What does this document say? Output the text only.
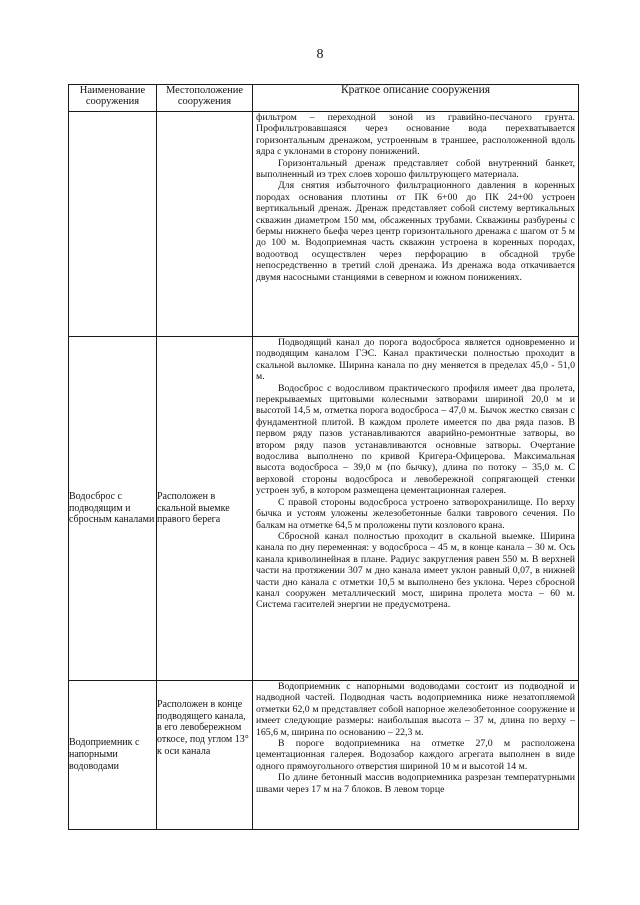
8
Наименование сооружения	Местоположение сооружения	Краткое описание сооружения

		фильтром – переходной зоной из гравийно-песчаного грунта. Профильтровавшаяся через основание вода перехватывается горизонтальным дренажом, устроенным в траншее, расположенной вдоль ядра с уклонами в сторону понижений.

Горизонтальный дренаж представляет собой внутренний банкет, выполненный из трех слоев хорошо фильтрующего материала.

Для снятия избыточного фильтрационного давления в коренных породах основания плотины от ПК 6+00 до ПК 24+00 устроен вертикальный дренаж. Дренаж представляет собой систему вертикальных скважин диаметром 150 мм, обсаженных трубами. Скважины разбурены с бермы нижнего бьефа через центр горизонтального дренажа с шагом от 5 м до 100 м. Водоприемная часть скважин устроена в коренных породах, водоотвод осуществлен через перфорацию в обсадной трубе непосредственно в третий слой дренажа. Из дренажа вода откачивается двумя насосными станциями в северном и южном понижениях.

Водосброс с подводящим и сбросным каналами	Расположен в скальной выемке правого берега	Подводящий канал до порога водосброса является одновременно и подводящим каналом ГЭС. Канал практически полностью проходит в скальной выломке. Ширина канала по дну меняется в пределах 45,0 - 51,0 м.

Водосброс с водосливом практического профиля имеет два пролета, перекрываемых щитовыми колесными затворами шириной 20,0 м и высотой 14,5 м, отметка порога водосброса – 47,0 м. Бычок жестко связан с фундаментной плитой. В каждом пролете имеется по два ряда пазов. В первом ряду пазов устанавливаются аварийно-ремонтные затворы, во втором ряду пазов устанавливаются основные затворы. Очертание водослива выполнено по кривой Кригера-Офицерова. Максимальная высота водосброса – 39,0 м (по бычку), длина по потоку – 35,0 м. С верховой стороны водосброса и левобережной сопрягающей стенки устроен зуб, в котором размещена цементационная галерея.

С правой стороны водосброса устроено затворохранилище. По верху бычка и устоям уложены железобетонные балки таврового сечения. По балкам на отметке 64,5 м проложены пути козлового крана.

Сбросной канал полностью проходит в скальной выемке. Ширина канала по дну переменная: у водосброса – 45 м, в конце канала – 30 м. Ось канала криволинейная в плане. Радиус закругления равен 550 м. В верхней части на протяжении 307 м дно канала имеет уклон равный 0,07, в нижней части дно канала с отметки 10,5 м выполнено без уклона. Через сбросной канал сооружен металлический мост, ширина пролета моста – 60 м. Система гасителей энергии не предусмотрена.

Водоприемник с напорными водоводами	Расположен в конце подводящего канала, в его левобережном откосе, под углом 13° к оси канала	Водоприемник с напорными водоводами состоит из подводной и надводной частей. Подводная часть водоприемника ниже незатопляемой отметки 62,0 м представляет собой напорное железобетонное сооружение и имеет следующие размеры: наибольшая высота – 37 м, длина по верху – 165,6 м, ширина по основанию – 22,3 м.

В пороге водоприемника на отметке 27,0 м расположена цементационная галерея. Водозабор каждого агрегата выполнен в виде одного прямоугольного отверстия шириной 10 м и высотой 14 м.

По длине бетонный массив водоприемника разрезан температурными швами через 17 м на 7 блоков. В левом торце
